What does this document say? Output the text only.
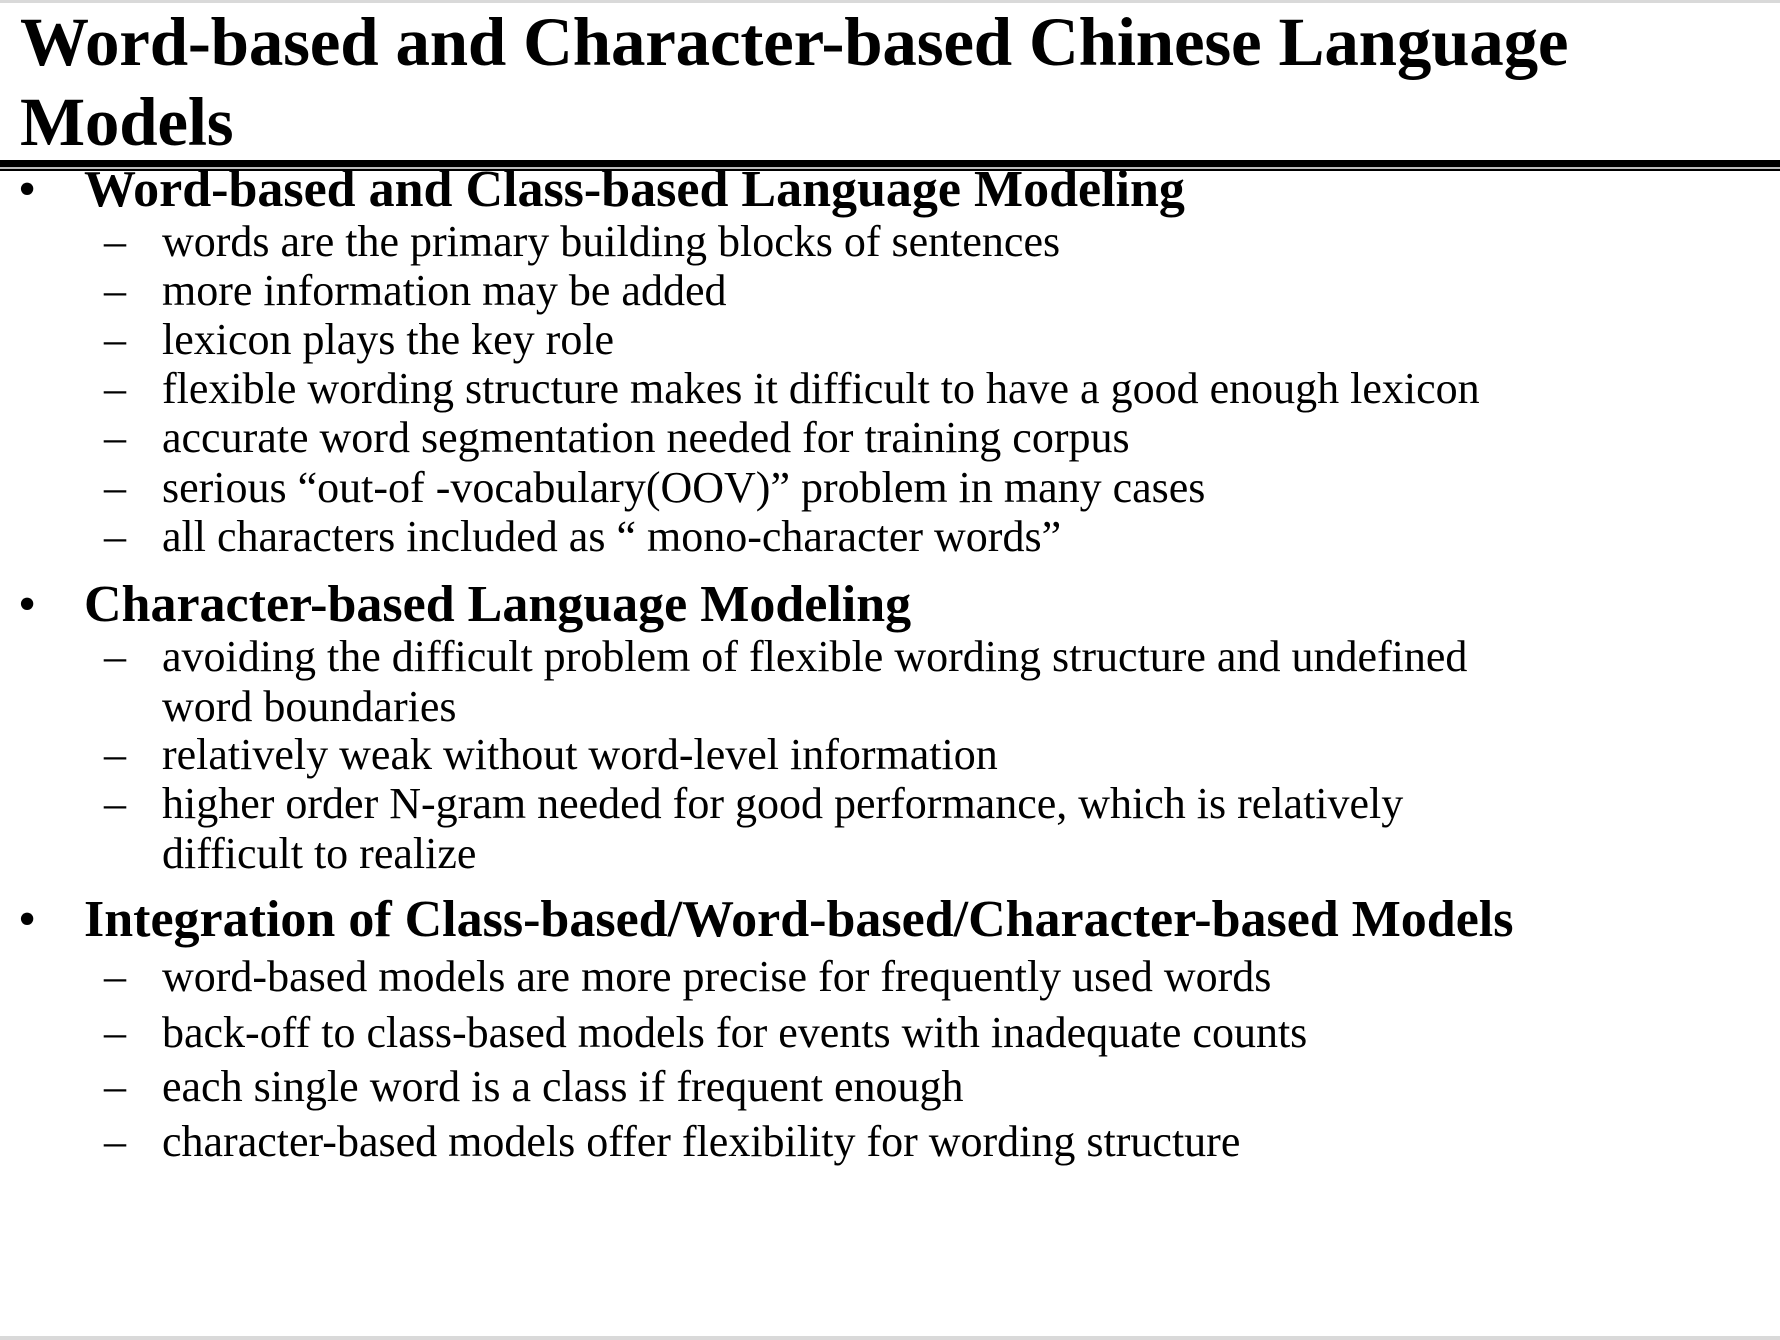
Word-based and Character-based Chinese Language
Models
• Word-based and Class-based Language Modeling
– words are the primary building blocks of sentences
– more information may be added
– lexicon plays the key role
– flexible wording structure makes it difficult to have a good enough lexicon
– accurate word segmentation needed for training corpus
– serious “out-of -vocabulary(OOV)” problem in many cases
– all characters included as “ mono-character words”
• Character-based Language Modeling
– avoiding the difficult problem of flexible wording structure and undefined
word boundaries
– relatively weak without word-level information
– higher order N-gram needed for good performance, which is relatively
difficult to realize
• Integration of Class-based/Word-based/Character-based Models
– word-based models are more precise for frequently used words
– back-off to class-based models for events with inadequate counts
– each single word is a class if frequent enough
– character-based models offer flexibility for wording structure
